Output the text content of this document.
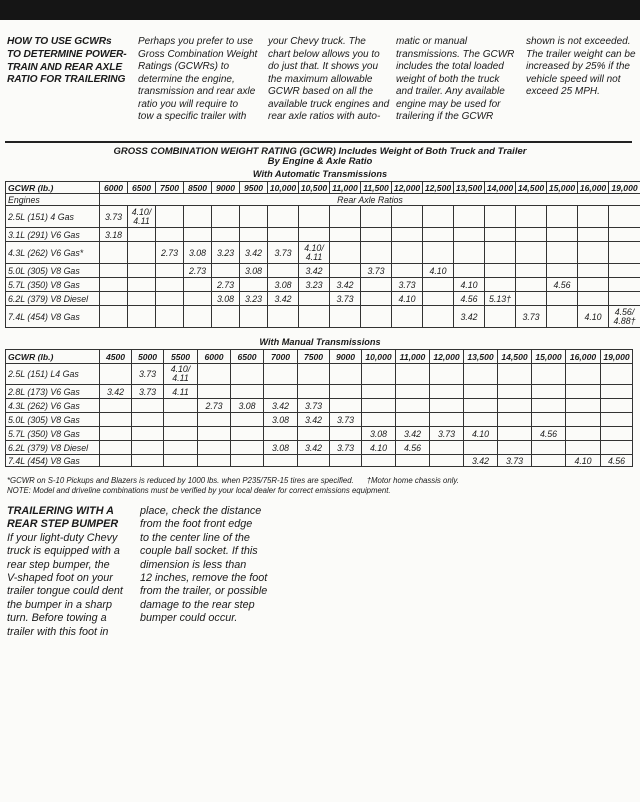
HOW TO USE GCWRs
TO DETERMINE POWER-
TRAIN AND REAR AXLE
RATIO FOR TRAILERING
Perhaps you prefer to use
Gross Combination Weight
Ratings (GCWRs) to
determine the engine,
transmission and rear axle
ratio you will require to
tow a specific trailer with
your Chevy truck. The
chart below allows you to
do just that. It shows you
the maximum allowable
GCWR based on all the
available truck engines and
rear axle ratios with auto-
matic or manual
transmissions. The GCWR
includes the total loaded
weight of both the truck
and trailer. Any available
engine may be used for
trailering if the GCWR
shown is not exceeded.
The trailer weight can be
increased by 25% if the
vehicle speed will not
exceed 25 MPH.
GROSS COMBINATION WEIGHT RATING (GCWR) Includes Weight of Both Truck and Trailer
By Engine & Axle Ratio
With Automatic Transmissions
GCWR (lb.)	6000	6500	7500	8500	9000	9500	10,000	10,500	11,000	11,500	12,000	12,500	13,500	14,000	14,500	15,000	16,000	19,000
Engines	Rear Axle Ratios																	
2.5L (151) 4 Gas	3.73	4.10/
4.11																
3.1L (291) V6 Gas	3.18																	
4.3L (262) V6 Gas*			2.73	3.08	3.23	3.42	3.73	4.10/
4.11										
5.0L (305) V8 Gas				2.73		3.08		3.42		3.73		4.10						
5.7L (350) V8 Gas					2.73		3.08	3.23	3.42		3.73		4.10			4.56		
6.2L (379) V8 Diesel					3.08	3.23	3.42		3.73		4.10		4.56	5.13†				
7.4L (454) V8 Gas													3.42		3.73		4.10	4.56/
4.88†
With Manual Transmissions
GCWR (lb.)	4500	5000	5500	6000	6500	7000	7500	9000	10,000	11,000	12,000	13,500	14,500	15,000	16,000	19,000
2.5L (151) L4 Gas		3.73	4.10/
4.11													
2.8L (173) V6 Gas	3.42	3.73	4.11													
4.3L (262) V6 Gas				2.73	3.08	3.42	3.73									
5.0L (305) V8 Gas						3.08	3.42	3.73								
5.7L (350) V8 Gas									3.08	3.42	3.73	4.10		4.56		
6.2L (379) V8 Diesel						3.08	3.42	3.73	4.10	4.56						
7.4L (454) V8 Gas												3.42	3.73		4.10	4.56
*GCWR on S-10 Pickups and Blazers is reduced by 1000 lbs. when P235/75R-15 tires are specified. †Motor home chassis only.
NOTE: Model and driveline combinations must be verified by your local dealer for correct emissions equipment.
TRAILERING WITH A
REAR STEP BUMPER
If your light-duty Chevy
truck is equipped with a
rear step bumper, the
V-shaped foot on your
trailer tongue could dent
the bumper in a sharp
turn. Before towing a
trailer with this foot in
place, check the distance
from the foot front edge
to the center line of the
couple ball socket. If this
dimension is less than
12 inches, remove the foot
from the trailer, or possible
damage to the rear step
bumper could occur.
